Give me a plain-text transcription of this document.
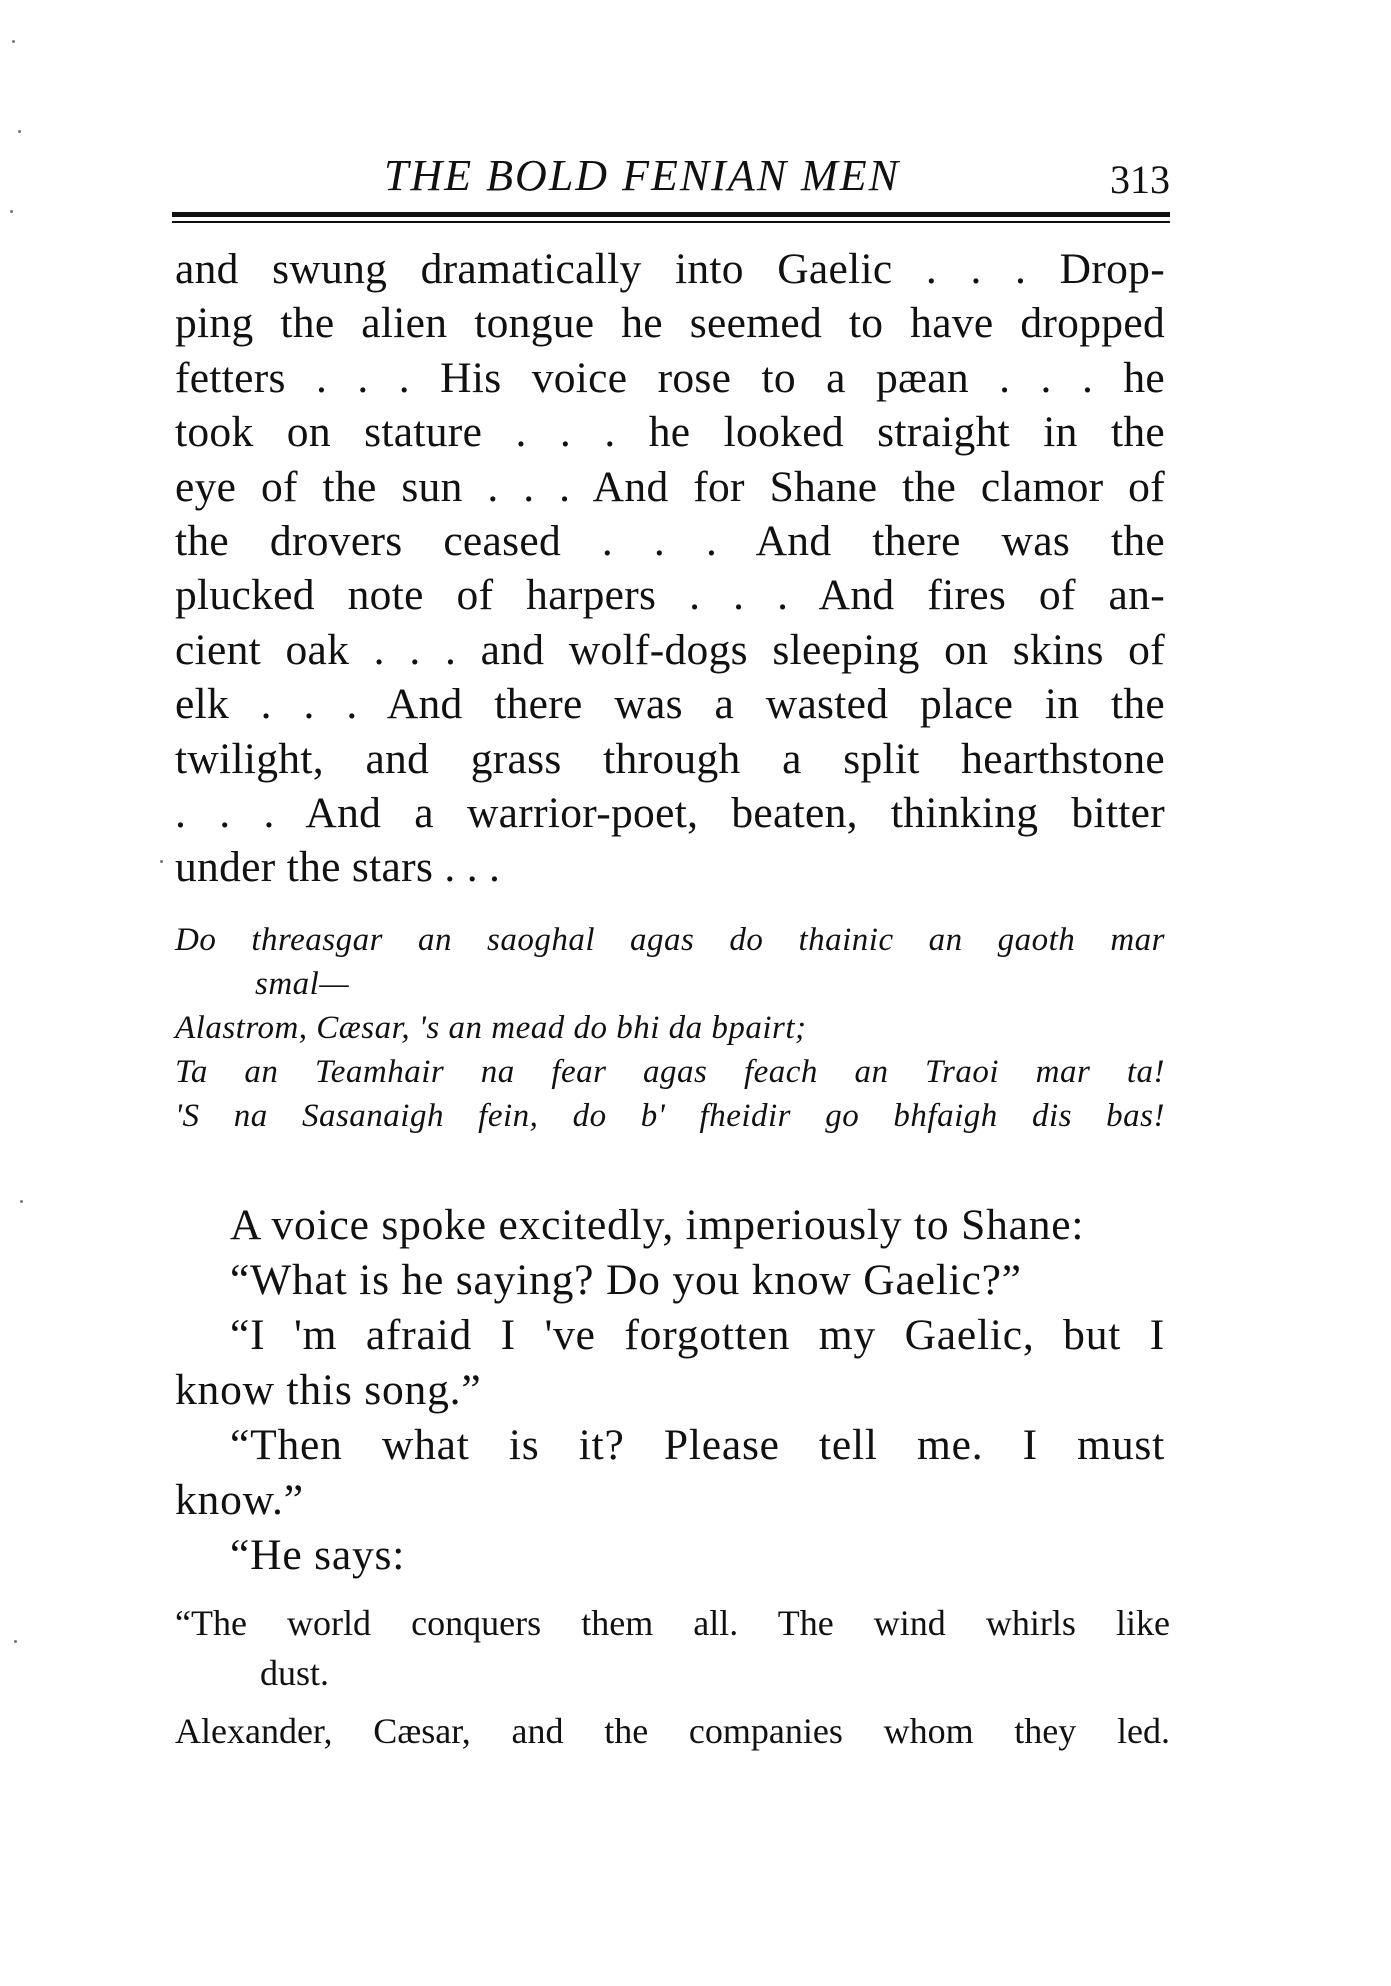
THE BOLD FENIAN MEN	313
and swung dramatically into Gaelic . . . Drop-
ping the alien tongue he seemed to have dropped
fetters . . . His voice rose to a pæan . . . he
took on stature . . . he looked straight in the
eye of the sun . . . And for Shane the clamor of
the drovers ceased . . . And there was the
plucked note of harpers . . . And fires of an-
cient oak . . . and wolf-dogs sleeping on skins of
elk . . . And there was a wasted place in the
twilight, and grass through a split hearthstone
. . . And a warrior-poet, beaten, thinking bitter
under the stars . . .
Do threasgar an saoghal agas do thainic an gaoth mar
smal—
Alastrom, Cæsar, 's an mead do bhi da bpairt;
Ta an Teamhair na fear agas feach an Traoi mar ta!
'S na Sasanaigh fein, do b' fheidir go bhfaigh dis bas!
A voice spoke excitedly, imperiously to Shane:
“What is he saying? Do you know Gaelic?”
“I 'm afraid I 've forgotten my Gaelic, but I
know this song.”
“Then what is it? Please tell me. I must
know.”
“He says:
“The world conquers them all. The wind whirls like
dust.
Alexander, Cæsar, and the companies whom they led.
